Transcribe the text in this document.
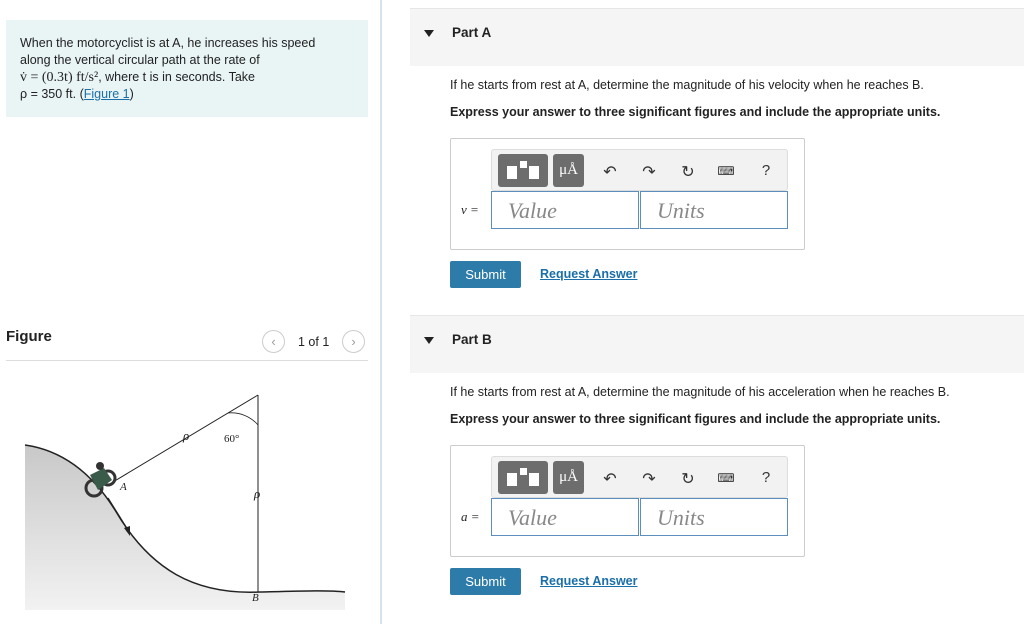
When the motorcyclist is at A, he increases his speed
along the vertical circular path at the rate of
v̇ = (0.3t) ft/s², where t is in seconds. Take
ρ = 350 ft. (Figure 1)
Figure	‹	1 of 1	›
60°
ρ
ρ
A
B
Part A
If he starts from rest at A, determine the magnitude of his velocity when he reaches B.
Express your answer to three significant figures and include the appropriate units.
μÅ	↶ ↷ ↻ ⌨	?
v =	Value	Units
Submit	Request Answer
Part B
If he starts from rest at A, determine the magnitude of his acceleration when he reaches B.
Express your answer to three significant figures and include the appropriate units.
μÅ	↶ ↷ ↻ ⌨	?
a =	Value	Units
Submit	Request Answer
